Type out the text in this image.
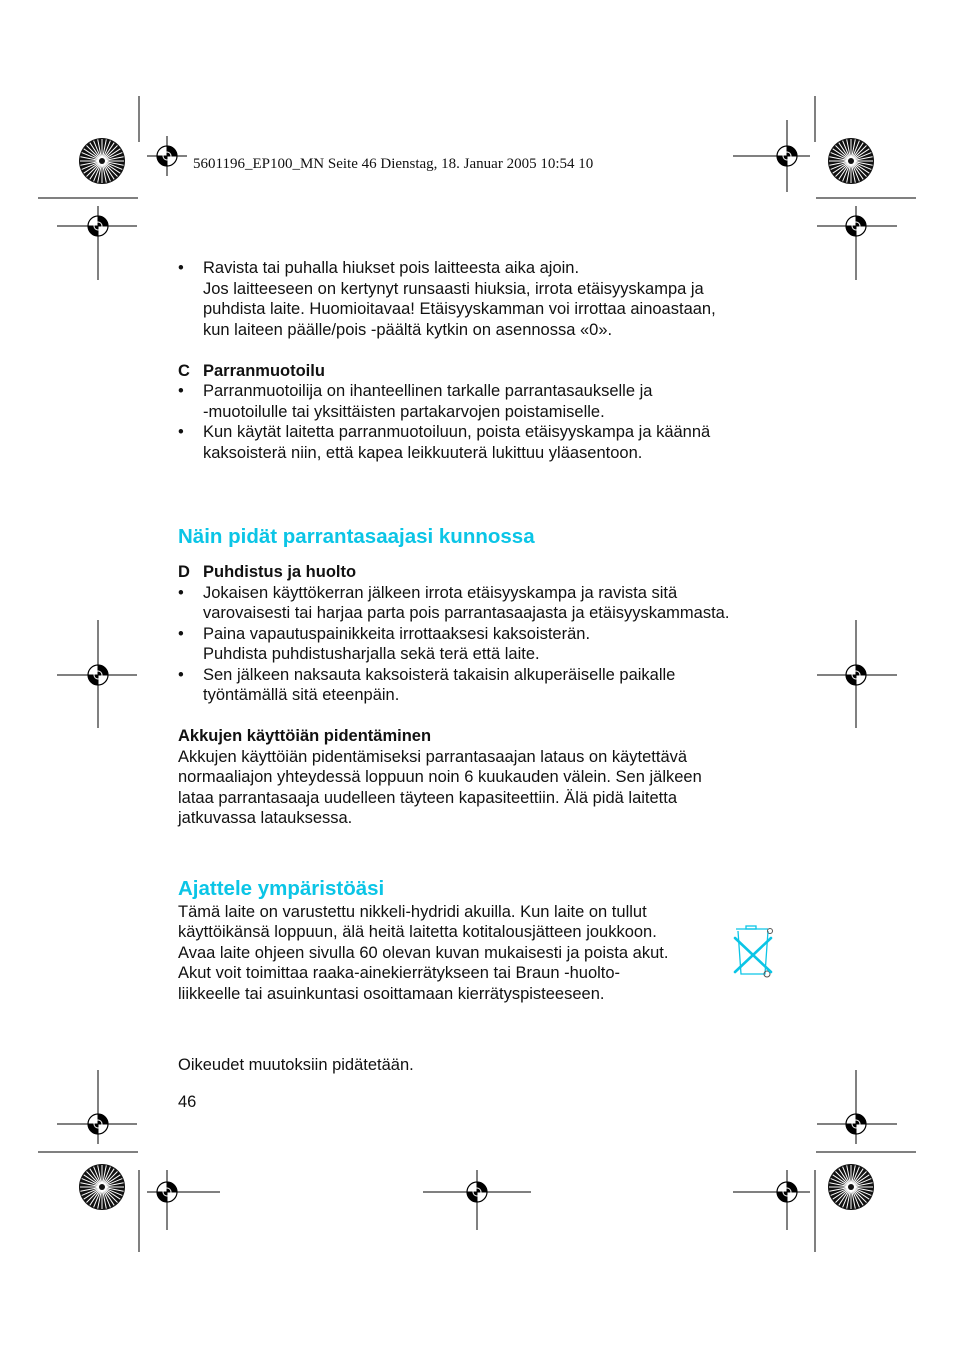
5601196_EP100_MN Seite 46 Dienstag, 18. Januar 2005 10:54 10
•	Ravista tai puhalla hiukset pois laitteesta aika ajoin.
Jos laitteeseen on kertynyt runsaasti hiuksia, irrota etäisyyskampa ja
puhdista laite. Huomioitavaa! Etäisyyskamman voi irrottaa ainoastaan,
kun laiteen päälle/pois -päältä kytkin on asennossa «0».
C Parranmuotoilu
•	Parranmuotoilija on ihanteellinen tarkalle parrantasaukselle ja
-muotoilulle tai yksittäisten partakarvojen poistamiselle.
•	Kun käytät laitetta parranmuotoiluun, poista etäisyyskampa ja käännä
kaksoisterä niin, että kapea leikkuuterä lukittuu yläasentoon.
Näin pidät parrantasaajasi kunnossa
D Puhdistus ja huolto
•	Jokaisen käyttökerran jälkeen irrota etäisyyskampa ja ravista sitä
varovaisesti tai harjaa parta pois parrantasaajasta ja etäisyyskammasta.
•	Paina vapautuspainikkeita irrottaaksesi kaksoisterän.
Puhdista puhdistusharjalla sekä terä että laite.
•	Sen jälkeen naksauta kaksoisterä takaisin alkuperäiselle paikalle
työntämällä sitä eteenpäin.
Akkujen käyttöiän pidentäminen
Akkujen käyttöiän pidentämiseksi parrantasaajan lataus on käytettävä
normaaliajon yhteydessä loppuun noin 6 kuukauden välein. Sen jälkeen
lataa parrantasaaja uudelleen täyteen kapasiteettiin. Älä pidä laitetta
jatkuvassa latauksessa.
Ajattele ympäristöäsi
Tämä laite on varustettu nikkeli-hydridi akuilla. Kun laite on tullut
käyttöikänsä loppuun, älä heitä laitetta kotitalousjätteen joukkoon.
Avaa laite ohjeen sivulla 60 olevan kuvan mukaisesti ja poista akut.
Akut voit toimittaa raaka-ainekierrätykseen tai Braun -huolto-
liikkeelle tai asuinkuntasi osoittamaan kierrätyspisteeseen.
Oikeudet muutoksiin pidätetään.
46
